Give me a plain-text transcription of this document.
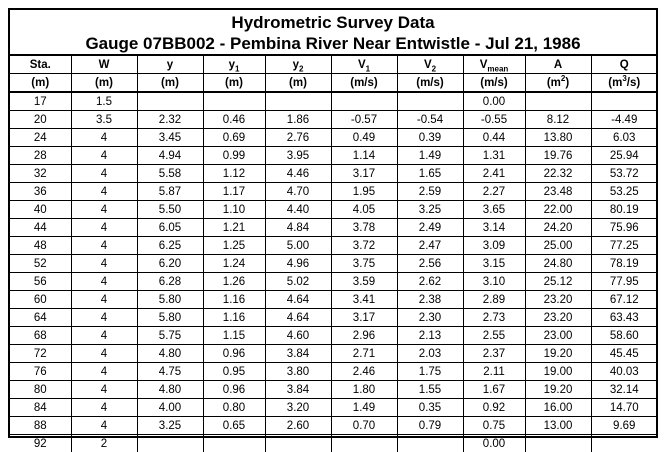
Hydrometric Survey Data
Gauge 07BB002 - Pembina River Near Entwistle - Jul 21, 1986
Sta.	W	y	$y_1$	$y_2$	$V_1$	$V_2$	$V_{mean}$	A	Q
(m)	(m)	(m)	(m)	(m)	(m/s)	(m/s)	(m/s)	$(m^2)$	$(m^3/s)$
17	1.5						0.00		
20	3.5	2.32	0.46	1.86	-0.57	-0.54	-0.55	8.12	-4.49
24	4	3.45	0.69	2.76	0.49	0.39	0.44	13.80	6.03
28	4	4.94	0.99	3.95	1.14	1.49	1.31	19.76	25.94
32	4	5.58	1.12	4.46	3.17	1.65	2.41	22.32	53.72
36	4	5.87	1.17	4.70	1.95	2.59	2.27	23.48	53.25
40	4	5.50	1.10	4.40	4.05	3.25	3.65	22.00	80.19
44	4	6.05	1.21	4.84	3.78	2.49	3.14	24.20	75.96
48	4	6.25	1.25	5.00	3.72	2.47	3.09	25.00	77.25
52	4	6.20	1.24	4.96	3.75	2.56	3.15	24.80	78.19
56	4	6.28	1.26	5.02	3.59	2.62	3.10	25.12	77.95
60	4	5.80	1.16	4.64	3.41	2.38	2.89	23.20	67.12
64	4	5.80	1.16	4.64	3.17	2.30	2.73	23.20	63.43
68	4	5.75	1.15	4.60	2.96	2.13	2.55	23.00	58.60
72	4	4.80	0.96	3.84	2.71	2.03	2.37	19.20	45.45
76	4	4.75	0.95	3.80	2.46	1.75	2.11	19.00	40.03
80	4	4.80	0.96	3.84	1.80	1.55	1.67	19.20	32.14
84	4	4.00	0.80	3.20	1.49	0.35	0.92	16.00	14.70
88	4	3.25	0.65	2.60	0.70	0.79	0.75	13.00	9.69
92	2						0.00		
